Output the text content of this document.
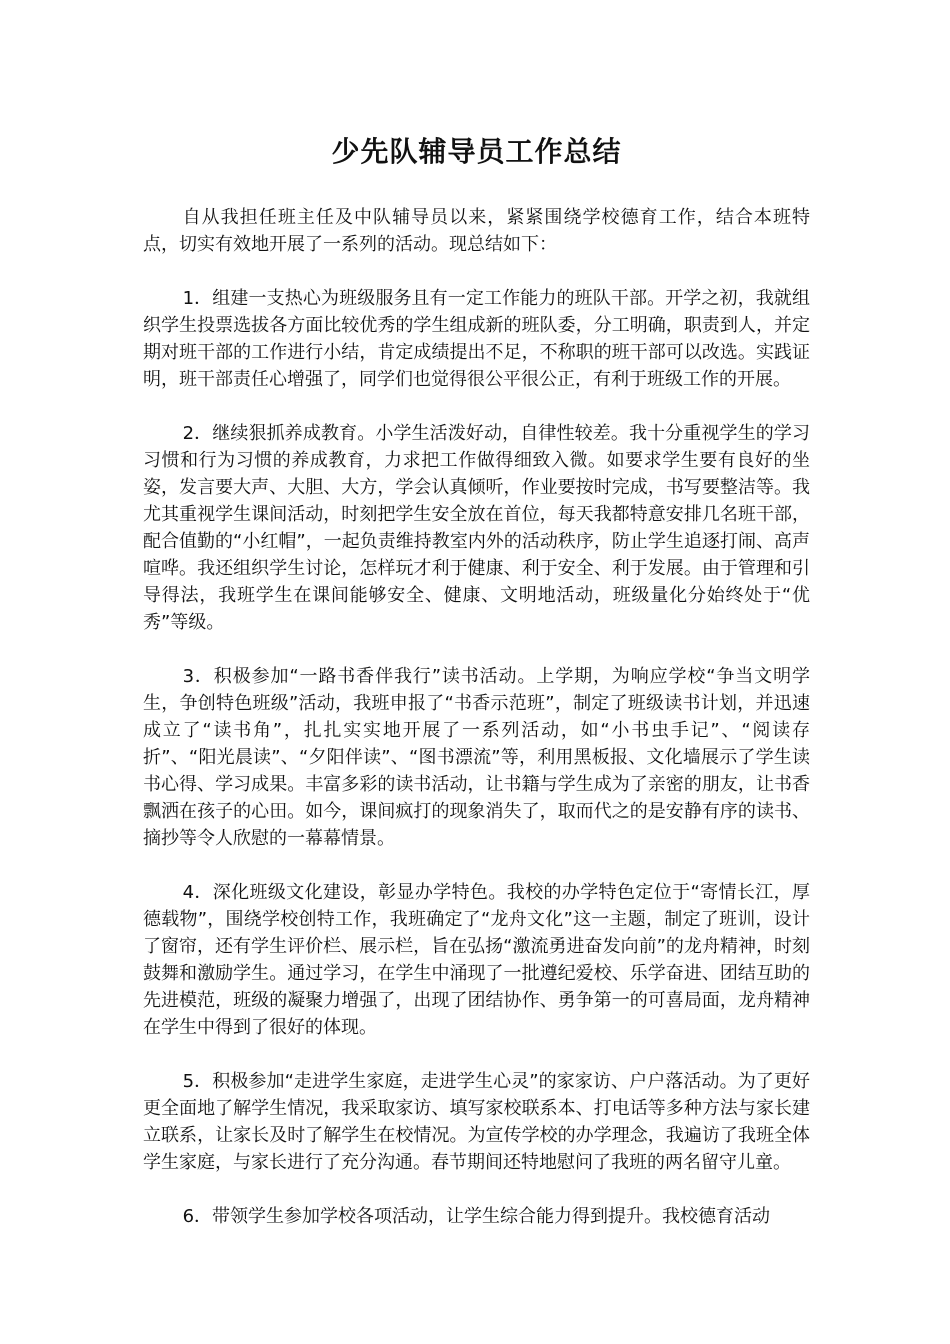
少先队辅导员工作总结

自从我担任班主任及中队辅导员以来，紧紧围绕学校德育工作，结合本班特点，切实有效地开展了一系列的活动。现总结如下：

1．组建一支热心为班级服务且有一定工作能力的班队干部。开学之初，我就组织学生投票选拔各方面比较优秀的学生组成新的班队委，分工明确，职责到人，并定期对班干部的工作进行小结，肯定成绩提出不足，不称职的班干部可以改选。实践证明，班干部责任心增强了，同学们也觉得很公平很公正，有利于班级工作的开展。

2．继续狠抓养成教育。小学生活泼好动，自律性较差。我十分重视学生的学习习惯和行为习惯的养成教育，力求把工作做得细致入微。如要求学生要有良好的坐姿，发言要大声、大胆、大方，学会认真倾听，作业要按时完成，书写要整洁等。我尤其重视学生课间活动，时刻把学生安全放在首位，每天我都特意安排几名班干部，配合值勤的“小红帽”，一起负责维持教室内外的活动秩序，防止学生追逐打闹、高声喧哗。我还组织学生讨论，怎样玩才利于健康、利于安全、利于发展。由于管理和引导得法，我班学生在课间能够安全、健康、文明地活动，班级量化分始终处于“优秀”等级。

3．积极参加“一路书香伴我行”读书活动。上学期，为响应学校“争当文明学生，争创特色班级”活动，我班申报了“书香示范班”，制定了班级读书计划，并迅速成立了“读书角”，扎扎实实地开展了一系列活动，如“小书虫手记”、“阅读存折”、“阳光晨读”、“夕阳伴读”、“图书漂流”等，利用黑板报、文化墙展示了学生读书心得、学习成果。丰富多彩的读书活动，让书籍与学生成为了亲密的朋友，让书香飘洒在孩子的心田。如今，课间疯打的现象消失了，取而代之的是安静有序的读书、摘抄等令人欣慰的一幕幕情景。

4．深化班级文化建设，彰显办学特色。我校的办学特色定位于“寄情长江，厚德载物”，围绕学校创特工作，我班确定了“龙舟文化”这一主题，制定了班训，设计了窗帘，还有学生评价栏、展示栏，旨在弘扬“激流勇进奋发向前”的龙舟精神，时刻鼓舞和激励学生。通过学习，在学生中涌现了一批遵纪爱校、乐学奋进、团结互助的先进模范，班级的凝聚力增强了，出现了团结协作、勇争第一的可喜局面，龙舟精神在学生中得到了很好的体现。

5．积极参加“走进学生家庭，走进学生心灵”的家家访、户户落活动。为了更好更全面地了解学生情况，我采取家访、填写家校联系本、打电话等多种方法与家长建立联系，让家长及时了解学生在校情况。为宣传学校的办学理念，我遍访了我班全体学生家庭，与家长进行了充分沟通。春节期间还特地慰问了我班的两名留守儿童。

6．带领学生参加学校各项活动，让学生综合能力得到提升。我校德育活动
